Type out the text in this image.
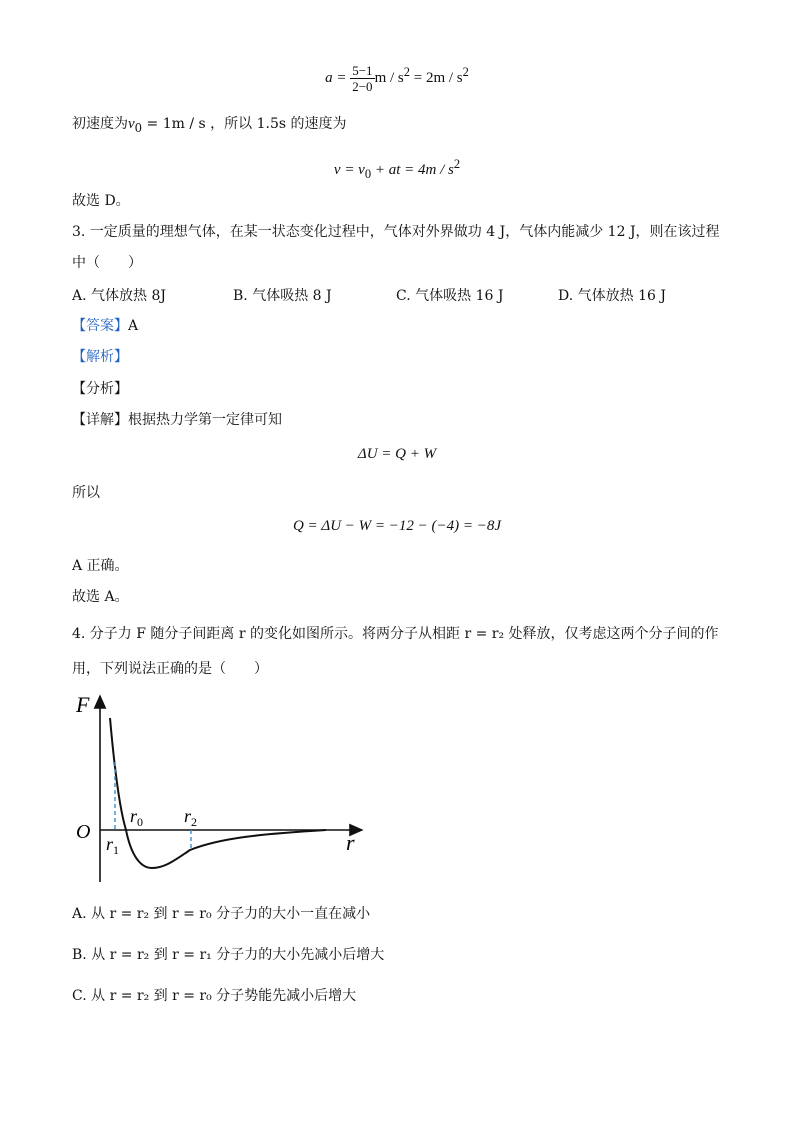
$a = \frac{5-1}{2-0}$ $m / s^2 = 2m / s^2$
初速度为$v_0 = 1m / s$ ，所以 1.5s 的速度为
$v = v_0$ + at = $4m / s^2$
故选 D。
3. 一定质量的理想气体，在某一状态变化过程中，气体对外界做功 4 J，气体内能减少 12 J，则在该过程
中（　　）
A. 气体放热 8J	B. 气体吸热 8 J	C. 气体吸热 16 J	D. 气体放热 16 J
【答案】A
【解析】
【分析】
【详解】根据热力学第一定律可知
ΔU = Q + W
所以
Q = ΔU − W = −12 − (−4) = −8J
A 正确。
故选 A。
4. 分子力 F 随分子间距离 r 的变化如图所示。将两分子从相距 r = r₂ 处释放，仅考虑这两个分子间的作
用，下列说法正确的是（　　）
F
r
O
$r_0$
$r_1$
$r_2$
A. 从 r = r₂ 到 r = r₀ 分子力的大小一直在减小
B. 从 r = r₂ 到 r = r₁ 分子力的大小先减小后增大
C. 从 r = r₂ 到 r = r₀ 分子势能先减小后增大
